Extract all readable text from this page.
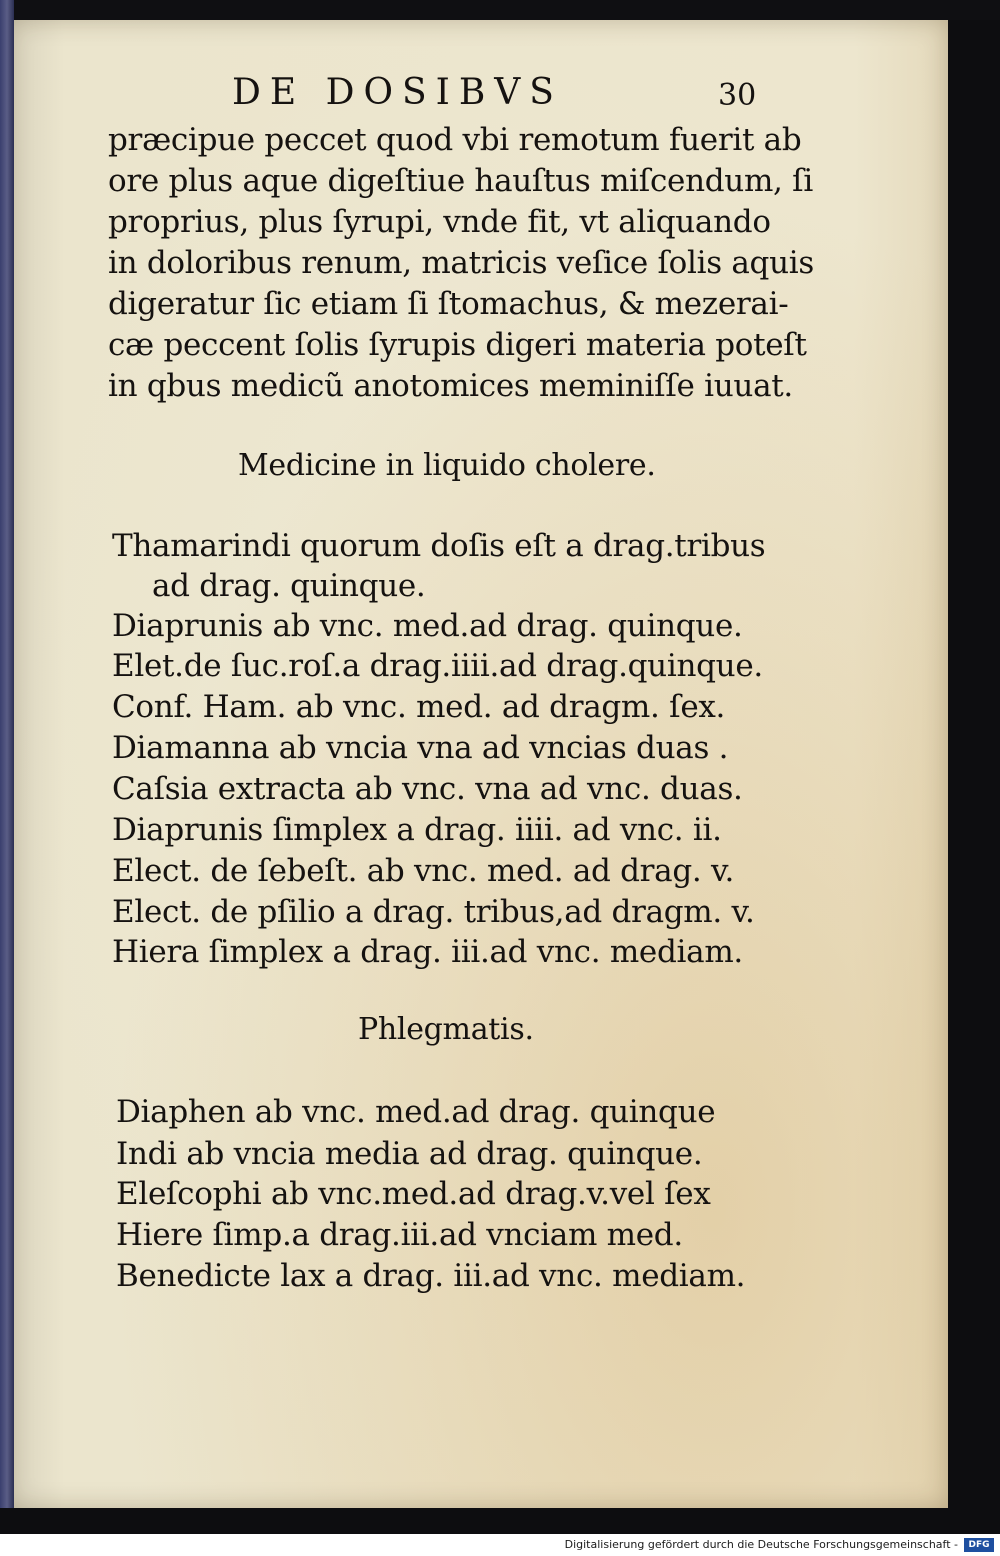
DE DOSIBVS	30
præcipue peccet quod vbi remotum fuerit ab
ore plus aque digeſtiue hauſtus miſcendum, ſi
proprius, plus ſyrupi, vnde fit, vt aliquando
in doloribus renum, matricis veſice ſolis aquis
digeratur ſic etiam ſi ſtomachus, & mezerai-
cæ peccent ſolis ſyrupis digeri materia poteſt
in qbus medicũ anotomices meminiſſe iuuat.
Medicine in liquido cholere.
Thamarindi quorum doſis eſt a drag.tribus
ad drag. quinque.
Diaprunis ab vnc. med.ad drag. quinque.
Elet.de ſuc.roſ.a drag.iiii.ad drag.quinque.
Conf. Ham. ab vnc. med. ad dragm. ſex.
Diamanna ab vncia vna ad vncias duas .
Caſsia extracta ab vnc. vna ad vnc. duas.
Diaprunis ſimplex a drag. iiii. ad vnc. ii.
Elect. de ſebeſt. ab vnc. med. ad drag. v.
Elect. de pſilio a drag. tribus,ad dragm. v.
Hiera ſimplex a drag. iii.ad vnc. mediam.
Phlegmatis.
Diaphen ab vnc. med.ad drag. quinque
Indi ab vncia media ad drag. quinque.
Eleſcophi ab vnc.med.ad drag.v.vel ſex
Hiere ſimp.a drag.iii.ad vnciam med.
Benedicte lax a drag. iii.ad vnc. mediam.
Digitalisierung gefördert durch die Deutsche Forschungsgemeinschaft -	DFG
